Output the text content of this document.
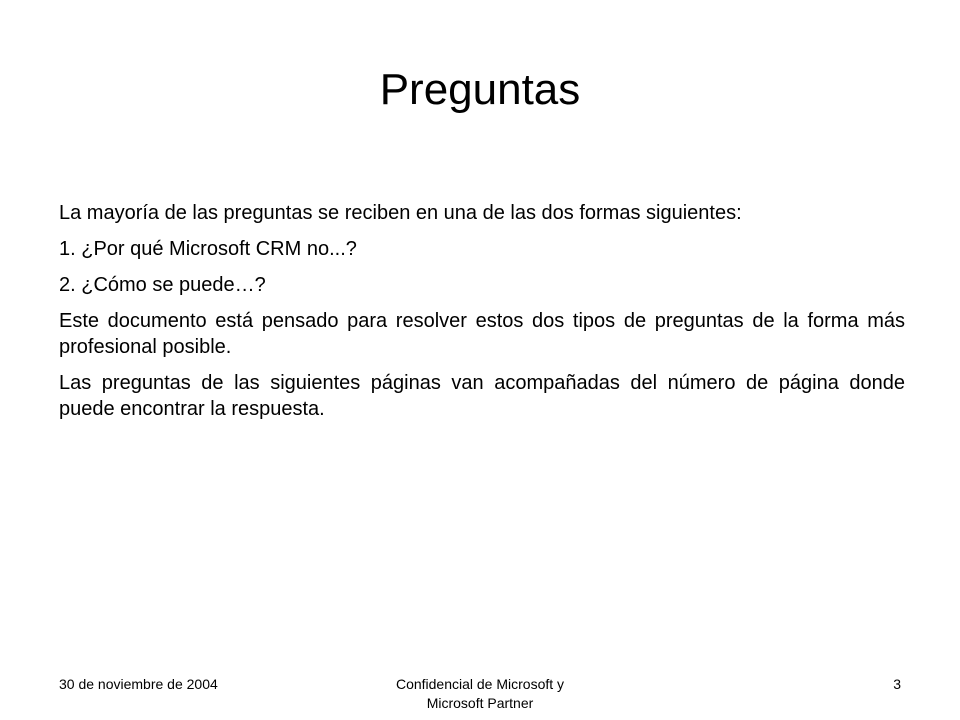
Preguntas

La mayoría de las preguntas se reciben en una de las dos formas siguientes:

1. ¿Por qué Microsoft CRM no...?

2. ¿Cómo se puede…?

Este documento está pensado para resolver estos dos tipos de preguntas de la forma más profesional posible.

Las preguntas de las siguientes páginas van acompañadas del número de página donde puede encontrar la respuesta.

30 de noviembre de 2004	Confidencial de Microsoft y
Microsoft Partner
3
